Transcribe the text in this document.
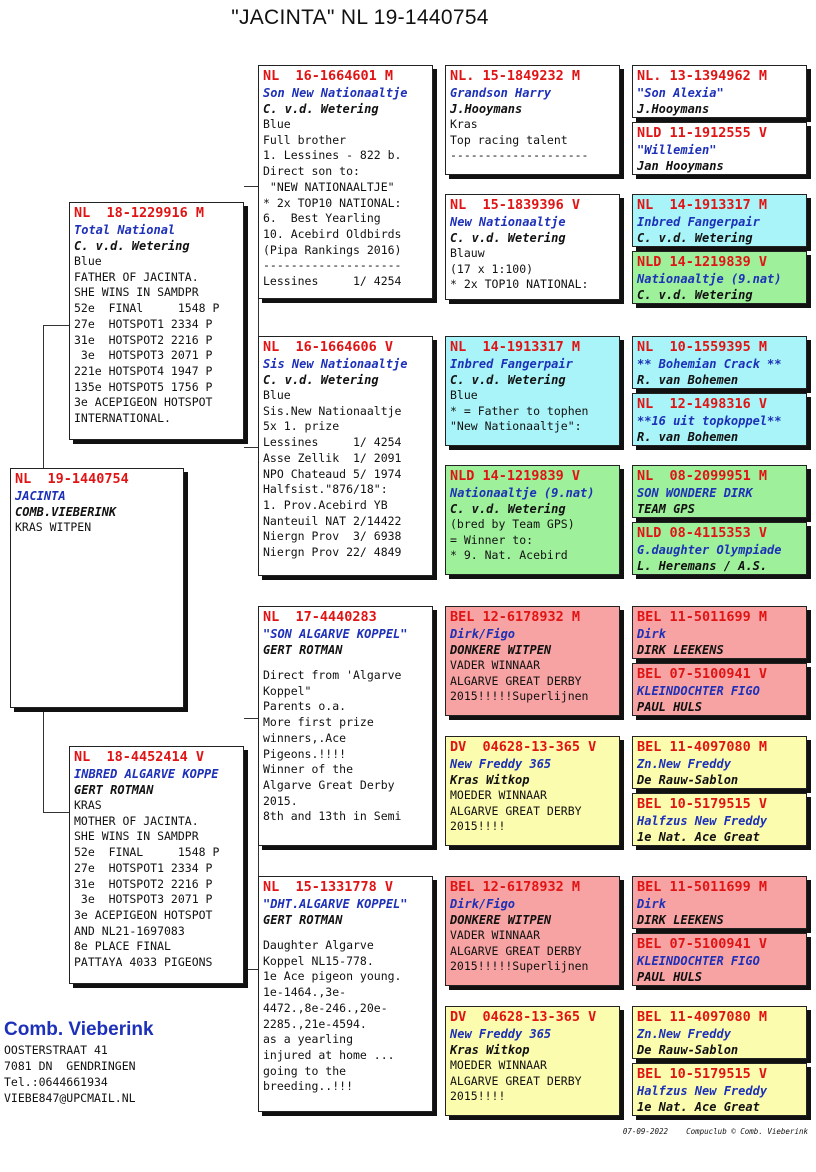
"JACINTA" NL 19-1440754
NL  19-1440754
JACINTA
COMB.VIEBERINK
KRAS WITPEN
NL  18-1229916 M
Total National
C. v.d. Wetering
Blue
FATHER OF JACINTA.
SHE WINS IN SAMDPR
52e  FINAl     1548 P
27e  HOTSPOT1 2334 P
31e  HOTSPOT2 2216 P
3e  HOTSPOT3 2071 P
221e HOTSPOT4 1947 P
135e HOTSPOT5 1756 P
3e ACEPIGEON HOTSPOT
INTERNATIONAL.
NL  18-4452414 V
INBRED ALGARVE KOPPE
GERT ROTMAN
KRAS
MOTHER OF JACINTA.
SHE WINS IN SAMDPR
52e  FINAL     1548 P
27e  HOTSPOT1 2334 P
31e  HOTSPOT2 2216 P
3e  HOTSPOT3 2071 P
3e ACEPIGEON HOTSPOT
AND NL21-1697083
8e PLACE FINAL
PATTAYA 4033 PIGEONS
NL  16-1664601 M
Son New Nationaaltje
C. v.d. Wetering
Blue
Full brother
1. Lessines - 822 b.
Direct son to:
"NEW NATIONAALTJE"
* 2x TOP10 NATIONAL:
6.  Best Yearling
10. Acebird Oldbirds
(Pipa Rankings 2016)
--------------------
Lessines     1/ 4254
NL  16-1664606 V
Sis New Nationaaltje
C. v.d. Wetering
Blue
Sis.New Nationaaltje
5x 1. prize
Lessines     1/ 4254
Asse Zellik  1/ 2091
NPO Chateaud 5/ 1974
Halfsist."876/18":
1. Prov.Acebird YB
Nanteuil NAT 2/14422
Niergn Prov  3/ 6938
Niergn Prov 22/ 4849
NL  17-4440283
"SON ALGARVE KOPPEL"
GERT ROTMAN
Direct from 'Algarve
Koppel"
Parents o.a.
More first prize
winners,.Ace
Pigeons.!!!!
Winner of the
Algarve Great Derby
2015.
8th and 13th in Semi
NL  15-1331778 V
"DHT.ALGARVE KOPPEL"
GERT ROTMAN
Daughter Algarve
Koppel NL15-778.
1e Ace pigeon young.
1e-1464.,3e-
4472.,8e-246.,20e-
2285.,21e-4594.
as a yearling
injured at home ...
going to the
breeding..!!!
NL. 15-1849232 M
Grandson Harry
J.Hooymans
Kras
Top racing talent
--------------------
NL  15-1839396 V
New Nationaaltje
C. v.d. Wetering
Blauw
(17 x 1:100)
* 2x TOP10 NATIONAL:
NL  14-1913317 M
Inbred Fangerpair
C. v.d. Wetering
Blue
* = Father to tophen
"New Nationaaltje":
NLD 14-1219839 V
Nationaaltje (9.nat)
C. v.d. Wetering
(bred by Team GPS)
= Winner to:
* 9. Nat. Acebird
BEL 12-6178932 M
Dirk/Figo
DONKERE WITPEN
VADER WINNAAR
ALGARVE GREAT DERBY
2015!!!!!Superlijnen
DV  04628-13-365 V
New Freddy 365
Kras Witkop
MOEDER WINNAAR
ALGARVE GREAT DERBY
2015!!!!
BEL 12-6178932 M
Dirk/Figo
DONKERE WITPEN
VADER WINNAAR
ALGARVE GREAT DERBY
2015!!!!!Superlijnen
DV  04628-13-365 V
New Freddy 365
Kras Witkop
MOEDER WINNAAR
ALGARVE GREAT DERBY
2015!!!!
NL. 13-1394962 M
"Son Alexia"
J.Hooymans
NLD 11-1912555 V
"Willemien"
Jan Hooymans
NL  14-1913317 M
Inbred Fangerpair
C. v.d. Wetering
NLD 14-1219839 V
Nationaaltje (9.nat)
C. v.d. Wetering
NL  10-1559395 M
** Bohemian Crack **
R. van Bohemen
NL  12-1498316 V
**16 uit topkoppel**
R. van Bohemen
NL  08-2099951 M
SON WONDERE DIRK
TEAM GPS
NLD 08-4115353 V
G.daughter Olympiade
L. Heremans / A.S.
BEL 11-5011699 M
Dirk
DIRK LEEKENS
BEL 07-5100941 V
KLEINDOCHTER FIGO
PAUL HULS
BEL 11-4097080 M
Zn.New Freddy
De Rauw-Sablon
BEL 10-5179515 V
Halfzus New Freddy
1e Nat. Ace Great
BEL 11-5011699 M
Dirk
DIRK LEEKENS
BEL 07-5100941 V
KLEINDOCHTER FIGO
PAUL HULS
BEL 11-4097080 M
Zn.New Freddy
De Rauw-Sablon
BEL 10-5179515 V
Halfzus New Freddy
1e Nat. Ace Great
Comb. Vieberink
OOSTERSTRAAT 41
7081 DN  GENDRINGEN
Tel.:0644661934
VIEBE847@UPCMAIL.NL
07-09-2022    Compuclub © Comb. Vieberink
